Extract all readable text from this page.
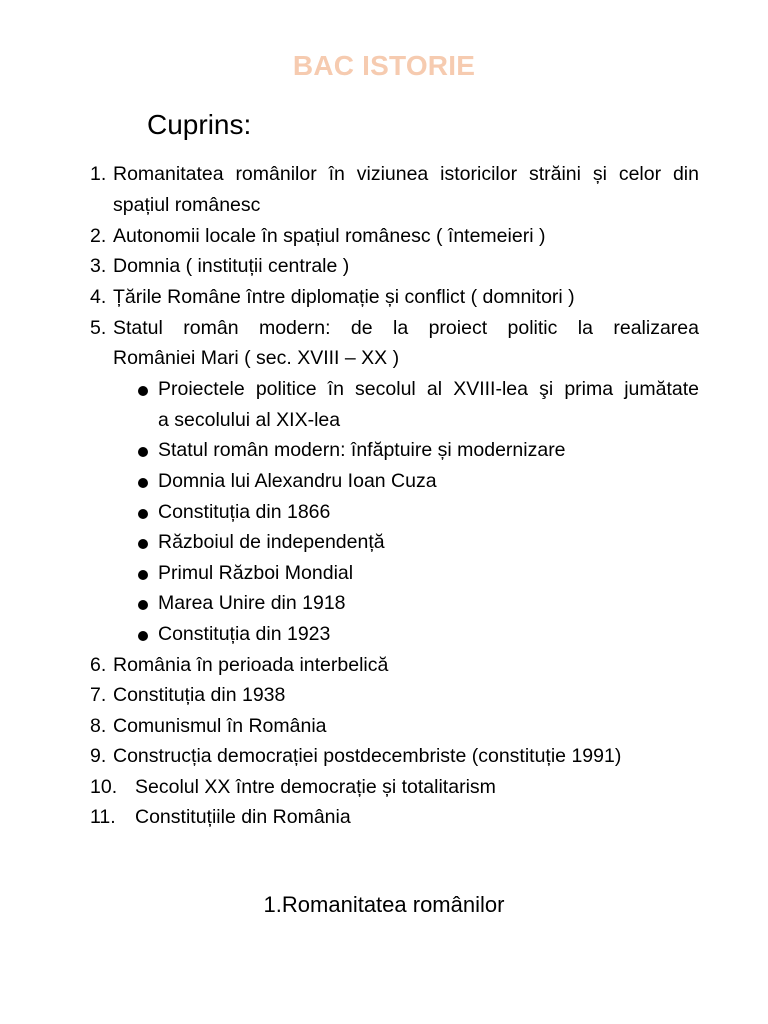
BAC ISTORIE
Cuprins:
1. Romanitatea românilor în viziunea istoricilor străini și celor din
spațiul românesc
2. Autonomii locale în spațiul românesc ( întemeieri )
3. Domnia ( instituții centrale )
4. Țările Române între diplomație și conflict ( domnitori )
5. Statul român modern: de la proiect politic la realizarea
României Mari ( sec. XVIII – XX )
Proiectele politice în secolul al XVIII-lea şi prima jumătate
a secolului al XIX-lea
Statul român modern: înfăptuire și modernizare
Domnia lui Alexandru Ioan Cuza
Constituția din 1866
Războiul de independență
Primul Război Mondial
Marea Unire din 1918
Constituția din 1923
6. România în perioada interbelică
7. Constituția din 1938
8. Comunismul în România
9. Construcția democrației postdecembriste (constituție 1991)
10. Secolul XX între democrație și totalitarism
11. Constituțiile din România
1.Romanitatea românilor
